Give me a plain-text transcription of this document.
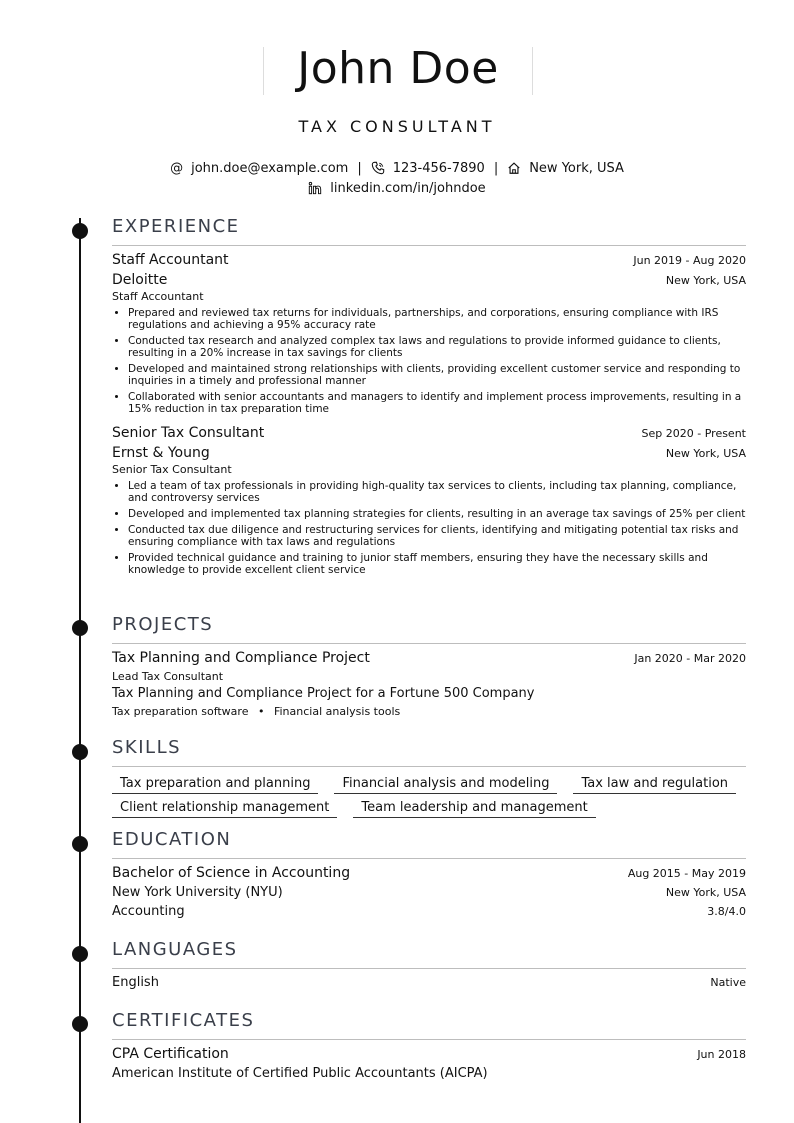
John Doe
TAX CONSULTANT
@ john.doe@example.com | 123-456-7890 | New York, USA
linkedin.com/in/johndoe
EXPERIENCE
Staff Accountant	Jun 2019 - Aug 2020
Deloitte	New York, USA
Staff Accountant
• Prepared and reviewed tax returns for individuals, partnerships, and corporations, ensuring compliance with IRS regulations and achieving a 95% accuracy rate
• Conducted tax research and analyzed complex tax laws and regulations to provide informed guidance to clients, resulting in a 20% increase in tax savings for clients
• Developed and maintained strong relationships with clients, providing excellent customer service and responding to inquiries in a timely and professional manner
• Collaborated with senior accountants and managers to identify and implement process improvements, resulting in a 15% reduction in tax preparation time
Senior Tax Consultant	Sep 2020 - Present
Ernst & Young	New York, USA
Senior Tax Consultant
• Led a team of tax professionals in providing high-quality tax services to clients, including tax planning, compliance, and controversy services
• Developed and implemented tax planning strategies for clients, resulting in an average tax savings of 25% per client
• Conducted tax due diligence and restructuring services for clients, identifying and mitigating potential tax risks and ensuring compliance with tax laws and regulations
• Provided technical guidance and training to junior staff members, ensuring they have the necessary skills and knowledge to provide excellent client service
PROJECTS
Tax Planning and Compliance Project	Jan 2020 - Mar 2020
Lead Tax Consultant
Tax Planning and Compliance Project for a Fortune 500 Company
Tax preparation software • Financial analysis tools
SKILLS
Tax preparation and planning	Financial analysis and modeling	Tax law and regulation
Client relationship management	Team leadership and management
EDUCATION
Bachelor of Science in Accounting	Aug 2015 - May 2019
New York University (NYU)	New York, USA
Accounting	3.8/4.0
LANGUAGES
English	Native
CERTIFICATES
CPA Certification	Jun 2018
American Institute of Certified Public Accountants (AICPA)
